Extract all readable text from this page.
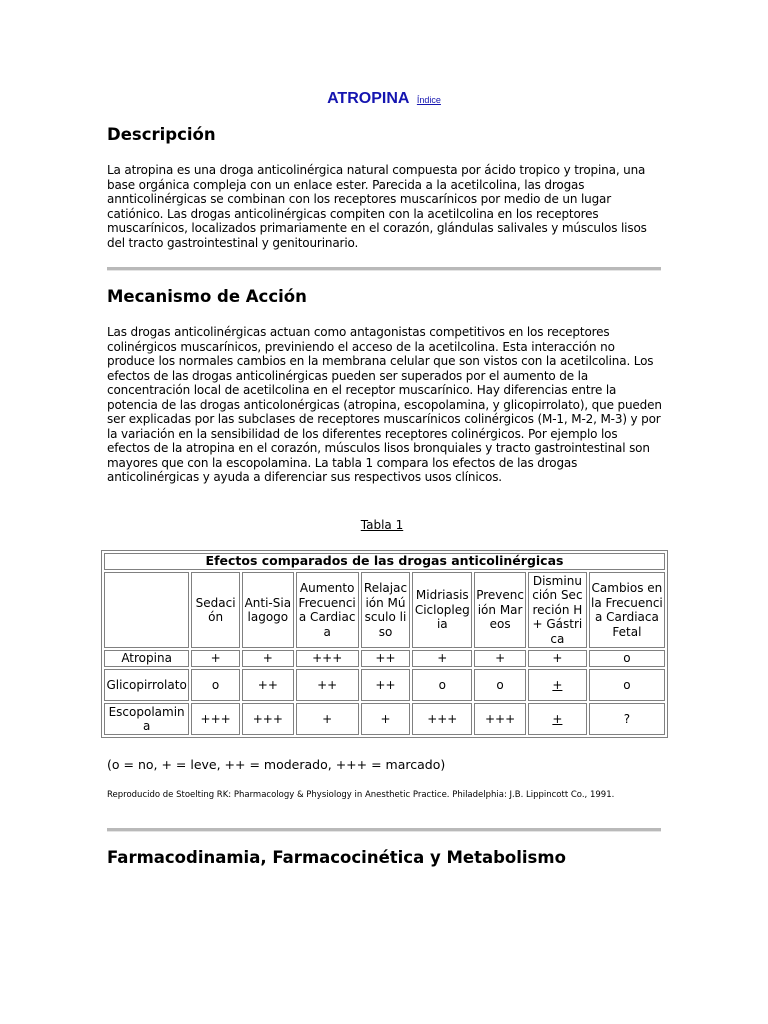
ATROPINA Índice
Descripción

La atropina es una droga anticolinérgica natural compuesta por ácido tropico y tropina, una base orgánica compleja con un enlace ester. Parecida a la acetilcolina, las drogas annticolinérgicas se combinan con los receptores muscarínicos por medio de un lugar catiónico. Las drogas anticolinérgicas compiten con la acetilcolina en los receptores muscarínicos, localizados primariamente en el corazón, glándulas salivales y músculos lisos del tracto gastrointestinal y genitourinario.

Mecanismo de Acción

Las drogas anticolinérgicas actuan como antagonistas competitivos en los receptores colinérgicos muscarínicos, previniendo el acceso de la acetilcolina. Esta interacción no produce los normales cambios en la membrana celular que son vistos con la acetilcolina. Los efectos de las drogas anticolinérgicas pueden ser superados por el aumento de la concentración local de acetilcolina en el receptor muscarínico. Hay diferencias entre la potencia de las drogas anticolonérgicas (atropina, escopolamina, y glicopirrolato), que pueden ser explicadas por las subclases de receptores muscarínicos colinérgicos (M-1, M-2, M-3) y por la variación en la sensibilidad de los diferentes receptores colinérgicos. Por ejemplo los efectos de la atropina en el corazón, músculos lisos bronquiales y tracto gastrointestinal son mayores que con la escopolamina. La tabla 1 compara los efectos de las drogas anticolinérgicas y ayuda a diferenciar sus respectivos usos clínicos.

Tabla 1
Efectos comparados de las drogas anticolinérgicas								
	Sedación	Anti-Sialagogo	Aumento Frecuencia Cardiaca	Relajación Músculo liso	Midriasis Cicloplegia	Prevención Mareos	Disminución Secreción H+ Gástrica	Cambios en la Frecuencia Cardiaca Fetal
Atropina	+	+	+++	++	+	+	+	o
Glicopirrolato	o	++	++	++	o	o	+	o
Escopolamina	+++	+++	+	+	+++	+++	+	?

(o = no, + = leve, ++ = moderado, +++ = marcado)

Reproducido de Stoelting RK: Pharmacology & Physiology in Anesthetic Practice. Philadelphia: J.B. Lippincott Co., 1991.

Farmacodinamia, Farmacocinética y Metabolismo
